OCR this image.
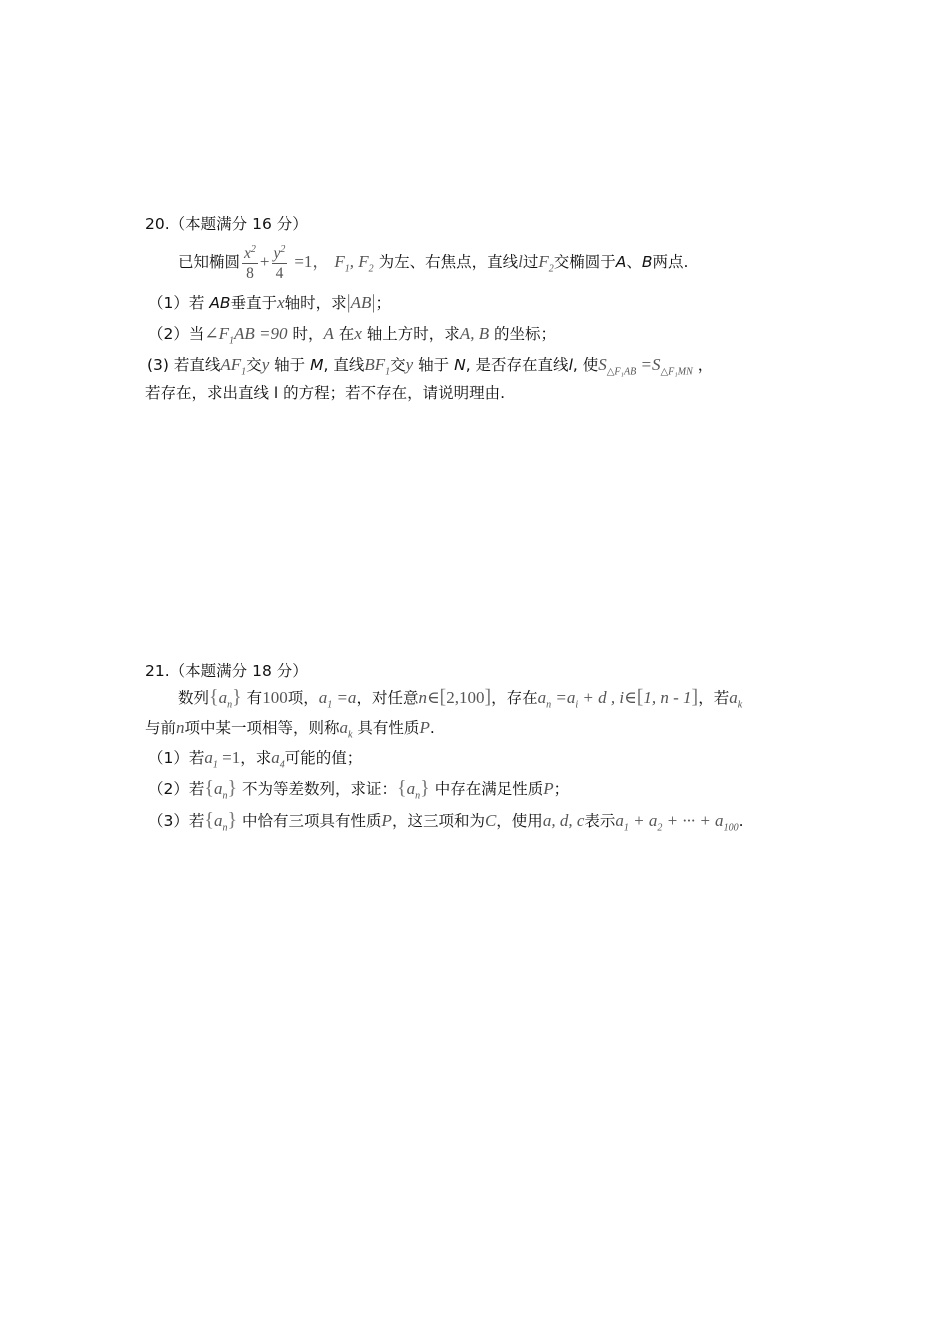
20.（本题满分 16 分）
已知椭圆 $\frac{x^2}{8} + \frac{y^2}{4} =1$， $F_1$, $F_2$ 为左、右焦点，直线l过$F_2$交椭圆于A、B两点.
（1）若 AB垂直于x轴时，求|AB|；
（2）当$\angle F_1AB =90$ 时，A 在x 轴上方时，求A, B 的坐标；
(3) 若直线$AF_1$交y 轴于 M, 直线$BF_1$交y 轴于 N, 是否存在直线l, 使$S_{\triangle F_1AB} =S_{\triangle F_1MN}$ ，
若存在，求出直线 l 的方程；若不存在，请说明理由.
21.（本题满分 18 分）
数列$\{a_n\}$ 有100项，$a_1 =a$，对任意n∈[2,100]，存在$a_n =a_i + d$ , i∈[1, n - 1]，若$a_k$
与前n项中某一项相等，则称$a_k$ 具有性质P.
（1）若$a_1 =1$，求$a_4$可能的值；
（2）若$\{a_n\}$ 不为等差数列，求证：$\{a_n\}$ 中存在满足性质P；
（3）若$\{a_n\}$ 中恰有三项具有性质P，这三项和为C，使用a, d, c表示$a_1 + a_2$ + ··· + $a_{100}$.
